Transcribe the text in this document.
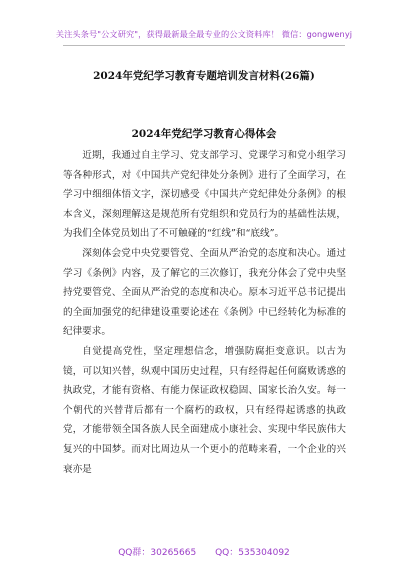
关注头条号"公文研究"，获得最新最全最专业的公文资料库！ 微信：gongwenyj
2024年党纪学习教育专题培训发言材料(26篇)
2024年党纪学习教育心得体会

近期，我通过自主学习、党支部学习、党课学习和党小组学习等各种形式，对《中国共产党纪律处分条例》进行了全面学习，在学习中细细体悟文字，深切感受《中国共产党纪律处分条例》的根本含义，深刻理解这是规范所有党组织和党员行为的基础性法规，为我们全体党员划出了不可触碰的“红线”和“底线”。

深刻体会党中央党要管党、全面从严治党的态度和决心。通过学习《条例》内容，及了解它的三次修订，我充分体会了党中央坚持党要管党、全面从严治党的态度和决心。原本习近平总书记提出的全面加强党的纪律建设重要论述在《条例》中已经转化为标准的纪律要求。

自觉提高党性，坚定理想信念，增强防腐拒变意识。以古为镜，可以知兴替，纵观中国历史过程，只有经得起任何腐败诱惑的执政党，才能有资格、有能力保证政权稳固、国家长治久安。每一个朝代的兴替背后都有一个腐朽的政权，只有经得起诱惑的执政党，才能带领全国各族人民全面建成小康社会、实现中华民族伟大复兴的中国梦。而对比周边从一个更小的范畴来看，一个企业的兴衰亦是

QQ群：30265665 QQ：535304092
